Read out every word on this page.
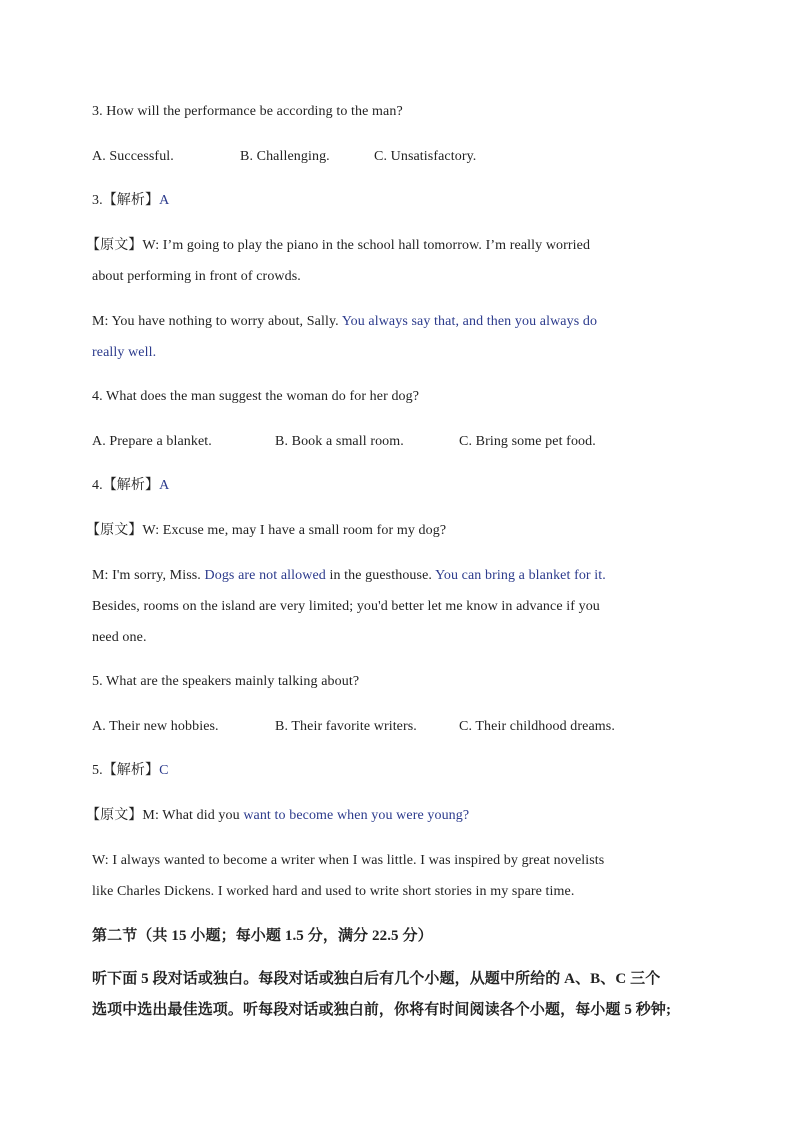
3. How will the performance be according to the man?
A. Successful.	B. Challenging.	C. Unsatisfactory.
3.【解析】A
【原文】W: I’m going to play the piano in the school hall tomorrow. I’m really worried
about performing in front of crowds.
M: You have nothing to worry about, Sally. You always say that, and then you always do
really well.
4. What does the man suggest the woman do for her dog?
A. Prepare a blanket.	B. Book a small room.	C. Bring some pet food.
4.【解析】A
【原文】W: Excuse me, may I have a small room for my dog?
M: I'm sorry, Miss. Dogs are not allowed in the guesthouse. You can bring a blanket for it.
Besides, rooms on the island are very limited; you'd better let me know in advance if you
need one.
5. What are the speakers mainly talking about?
A. Their new hobbies.	B. Their favorite writers.	C. Their childhood dreams.
5.【解析】C
【原文】M: What did you want to become when you were young?
W: I always wanted to become a writer when I was little. I was inspired by great novelists
like Charles Dickens. I worked hard and used to write short stories in my spare time.
第二节（共 15 小题；每小题 1.5 分，满分 22.5 分）
听下面 5 段对话或独白。每段对话或独白后有几个小题，从题中所给的 A、B、C 三个
选项中选出最佳选项。听每段对话或独白前，你将有时间阅读各个小题，每小题 5 秒钟;
